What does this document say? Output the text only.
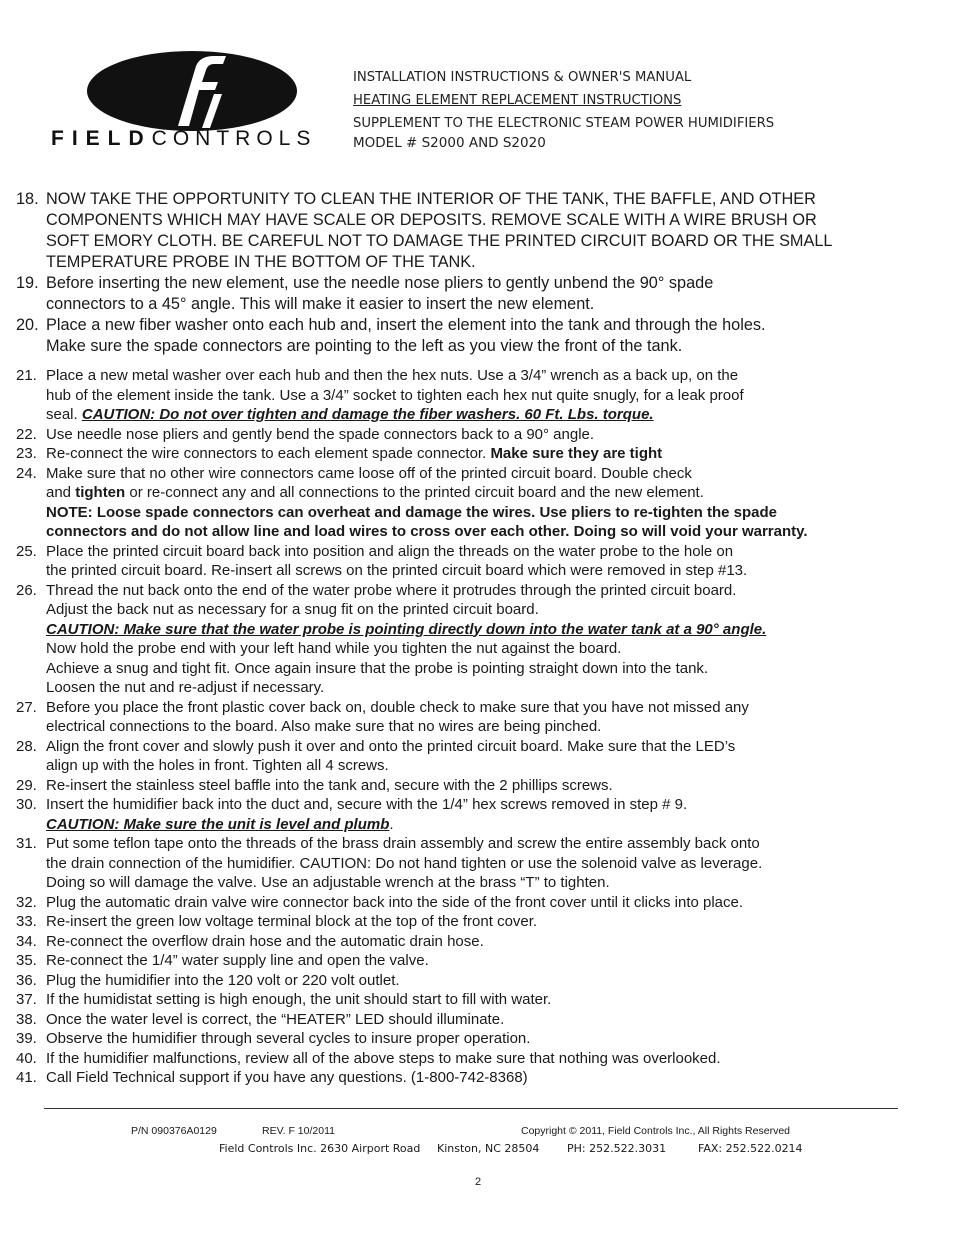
FIELDCONTROLS
INSTALLATION INSTRUCTIONS & OWNER'S MANUAL
HEATING ELEMENT REPLACEMENT INSTRUCTIONS
SUPPLEMENT TO THE ELECTRONIC STEAM POWER HUMIDIFIERS
MODEL # S2000 AND S2020
18. NOW TAKE THE OPPORTUNITY TO CLEAN THE INTERIOR OF THE TANK, THE BAFFLE, AND OTHER
COMPONENTS WHICH MAY HAVE SCALE OR DEPOSITS. REMOVE SCALE WITH A WIRE BRUSH OR
SOFT EMORY CLOTH. BE CAREFUL NOT TO DAMAGE THE PRINTED CIRCUIT BOARD OR THE SMALL
TEMPERATURE PROBE IN THE BOTTOM OF THE TANK.
19. Before inserting the new element, use the needle nose pliers to gently unbend the 90° spade
connectors to a 45° angle. This will make it easier to insert the new element.
20. Place a new fiber washer onto each hub and, insert the element into the tank and through the holes.
Make sure the spade connectors are pointing to the left as you view the front of the tank.
21. Place a new metal washer over each hub and then the hex nuts. Use a 3/4” wrench as a back up, on the
hub of the element inside the tank. Use a 3/4” socket to tighten each hex nut quite snugly, for a leak proof
seal. CAUTION: Do not over tighten and damage the fiber washers. 60 Ft. Lbs. torque.
22. Use needle nose pliers and gently bend the spade connectors back to a 90° angle.
23. Re-connect the wire connectors to each element spade connector. Make sure they are tight
24. Make sure that no other wire connectors came loose off of the printed circuit board. Double check
and tighten or re-connect any and all connections to the printed circuit board and the new element.
NOTE: Loose spade connectors can overheat and damage the wires. Use pliers to re-tighten the spade
connectors and do not allow line and load wires to cross over each other. Doing so will void your warranty.
25. Place the printed circuit board back into position and align the threads on the water probe to the hole on
the printed circuit board. Re-insert all screws on the printed circuit board which were removed in step #13.
26. Thread the nut back onto the end of the water probe where it protrudes through the printed circuit board.
Adjust the back nut as necessary for a snug fit on the printed circuit board.
CAUTION: Make sure that the water probe is pointing directly down into the water tank at a 90° angle.
Now hold the probe end with your left hand while you tighten the nut against the board.
Achieve a snug and tight fit. Once again insure that the probe is pointing straight down into the tank.
Loosen the nut and re-adjust if necessary.
27. Before you place the front plastic cover back on, double check to make sure that you have not missed any
electrical connections to the board. Also make sure that no wires are being pinched.
28. Align the front cover and slowly push it over and onto the printed circuit board. Make sure that the LED’s
align up with the holes in front. Tighten all 4 screws.
29. Re-insert the stainless steel baffle into the tank and, secure with the 2 phillips screws.
30. Insert the humidifier back into the duct and, secure with the 1/4” hex screws removed in step # 9.
CAUTION: Make sure the unit is level and plumb.
31. Put some teflon tape onto the threads of the brass drain assembly and screw the entire assembly back onto
the drain connection of the humidifier. CAUTION: Do not hand tighten or use the solenoid valve as leverage.
Doing so will damage the valve. Use an adjustable wrench at the brass “T” to tighten.
32. Plug the automatic drain valve wire connector back into the side of the front cover until it clicks into place.
33. Re-insert the green low voltage terminal block at the top of the front cover.
34. Re-connect the overflow drain hose and the automatic drain hose.
35. Re-connect the 1/4” water supply line and open the valve.
36. Plug the humidifier into the 120 volt or 220 volt outlet.
37. If the humidistat setting is high enough, the unit should start to fill with water.
38. Once the water level is correct, the “HEATER” LED should illuminate.
39. Observe the humidifier through several cycles to insure proper operation.
40. If the humidifier malfunctions, review all of the above steps to make sure that nothing was overlooked.
41. Call Field Technical support if you have any questions. (1-800-742-8368)
P/N 090376A0129	REV. F 10/2011	Copyright © 2011, Field Controls Inc., All Rights Reserved
Field Controls Inc. 2630 Airport Road Kinston, NC 28504	PH: 252.522.3031	FAX: 252.522.0214
2
